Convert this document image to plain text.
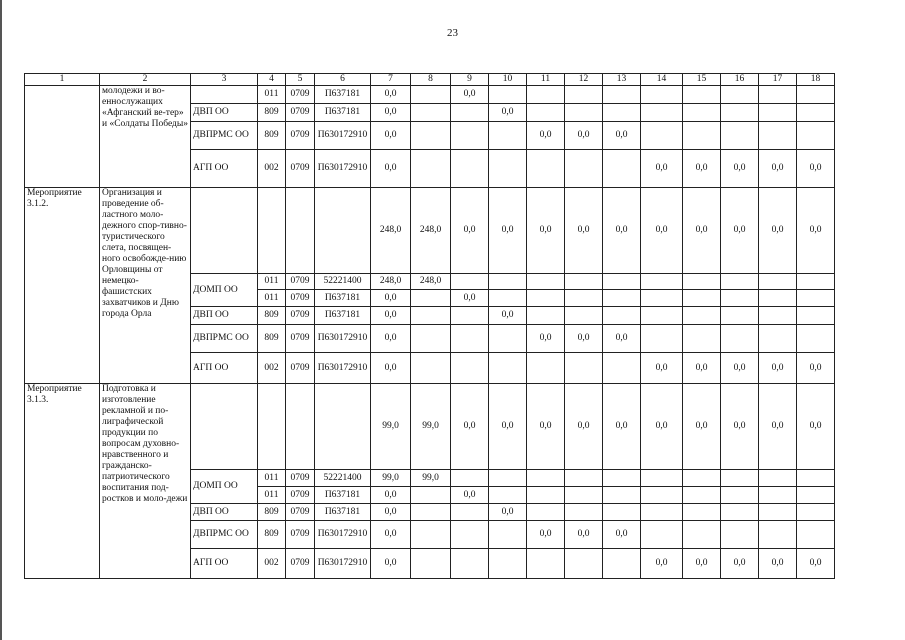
23
1	2	3	4	5	6	7	8	9	10	11	12	13	14	15	16	17	18
	молодежи и во-еннослужащих «Афганский ве-тер» и «Солдаты Победы»		011	0709	П637181	0,0		0,0									
		ДВП ОО	809	0709	П637181	0,0			0,0								
		ДВПРМС ОО	809	0709	П630172910	0,0				0,0	0,0	0,0					
		АГП ОО	002	0709	П630172910	0,0							0,0	0,0	0,0	0,0	0,0
Мероприятие 3.1.2.	Организация и проведение об-ластного моло-дежного спор-тивно-туристического слета, посвящен-ного освобожде-нию Орловщины от немецко-фашистских захватчиков и Дню города Орла					248,0	248,0	0,0	0,0	0,0	0,0	0,0	0,0	0,0	0,0	0,0	0,0
		ДОМП ОО	011	0709	52221400	248,0	248,0										
			011	0709	П637181	0,0		0,0									
		ДВП ОО	809	0709	П637181	0,0			0,0								
		ДВПРМС ОО	809	0709	П630172910	0,0				0,0	0,0	0,0					
		АГП ОО	002	0709	П630172910	0,0							0,0	0,0	0,0	0,0	0,0
Мероприятие 3.1.3.	Подготовка и изготовление рекламной и по-лиграфической продукции по вопросам духовно-нравственного и гражданско-патриотического воспитания под-ростков и моло-дежи					99,0	99,0	0,0	0,0	0,0	0,0	0,0	0,0	0,0	0,0	0,0	0,0
		ДОМП ОО	011	0709	52221400	99,0	99,0										
			011	0709	П637181	0,0		0,0									
		ДВП ОО	809	0709	П637181	0,0			0,0								
		ДВПРМС ОО	809	0709	П630172910	0,0				0,0	0,0	0,0					
		АГП ОО	002	0709	П630172910	0,0							0,0	0,0	0,0	0,0	0,0
